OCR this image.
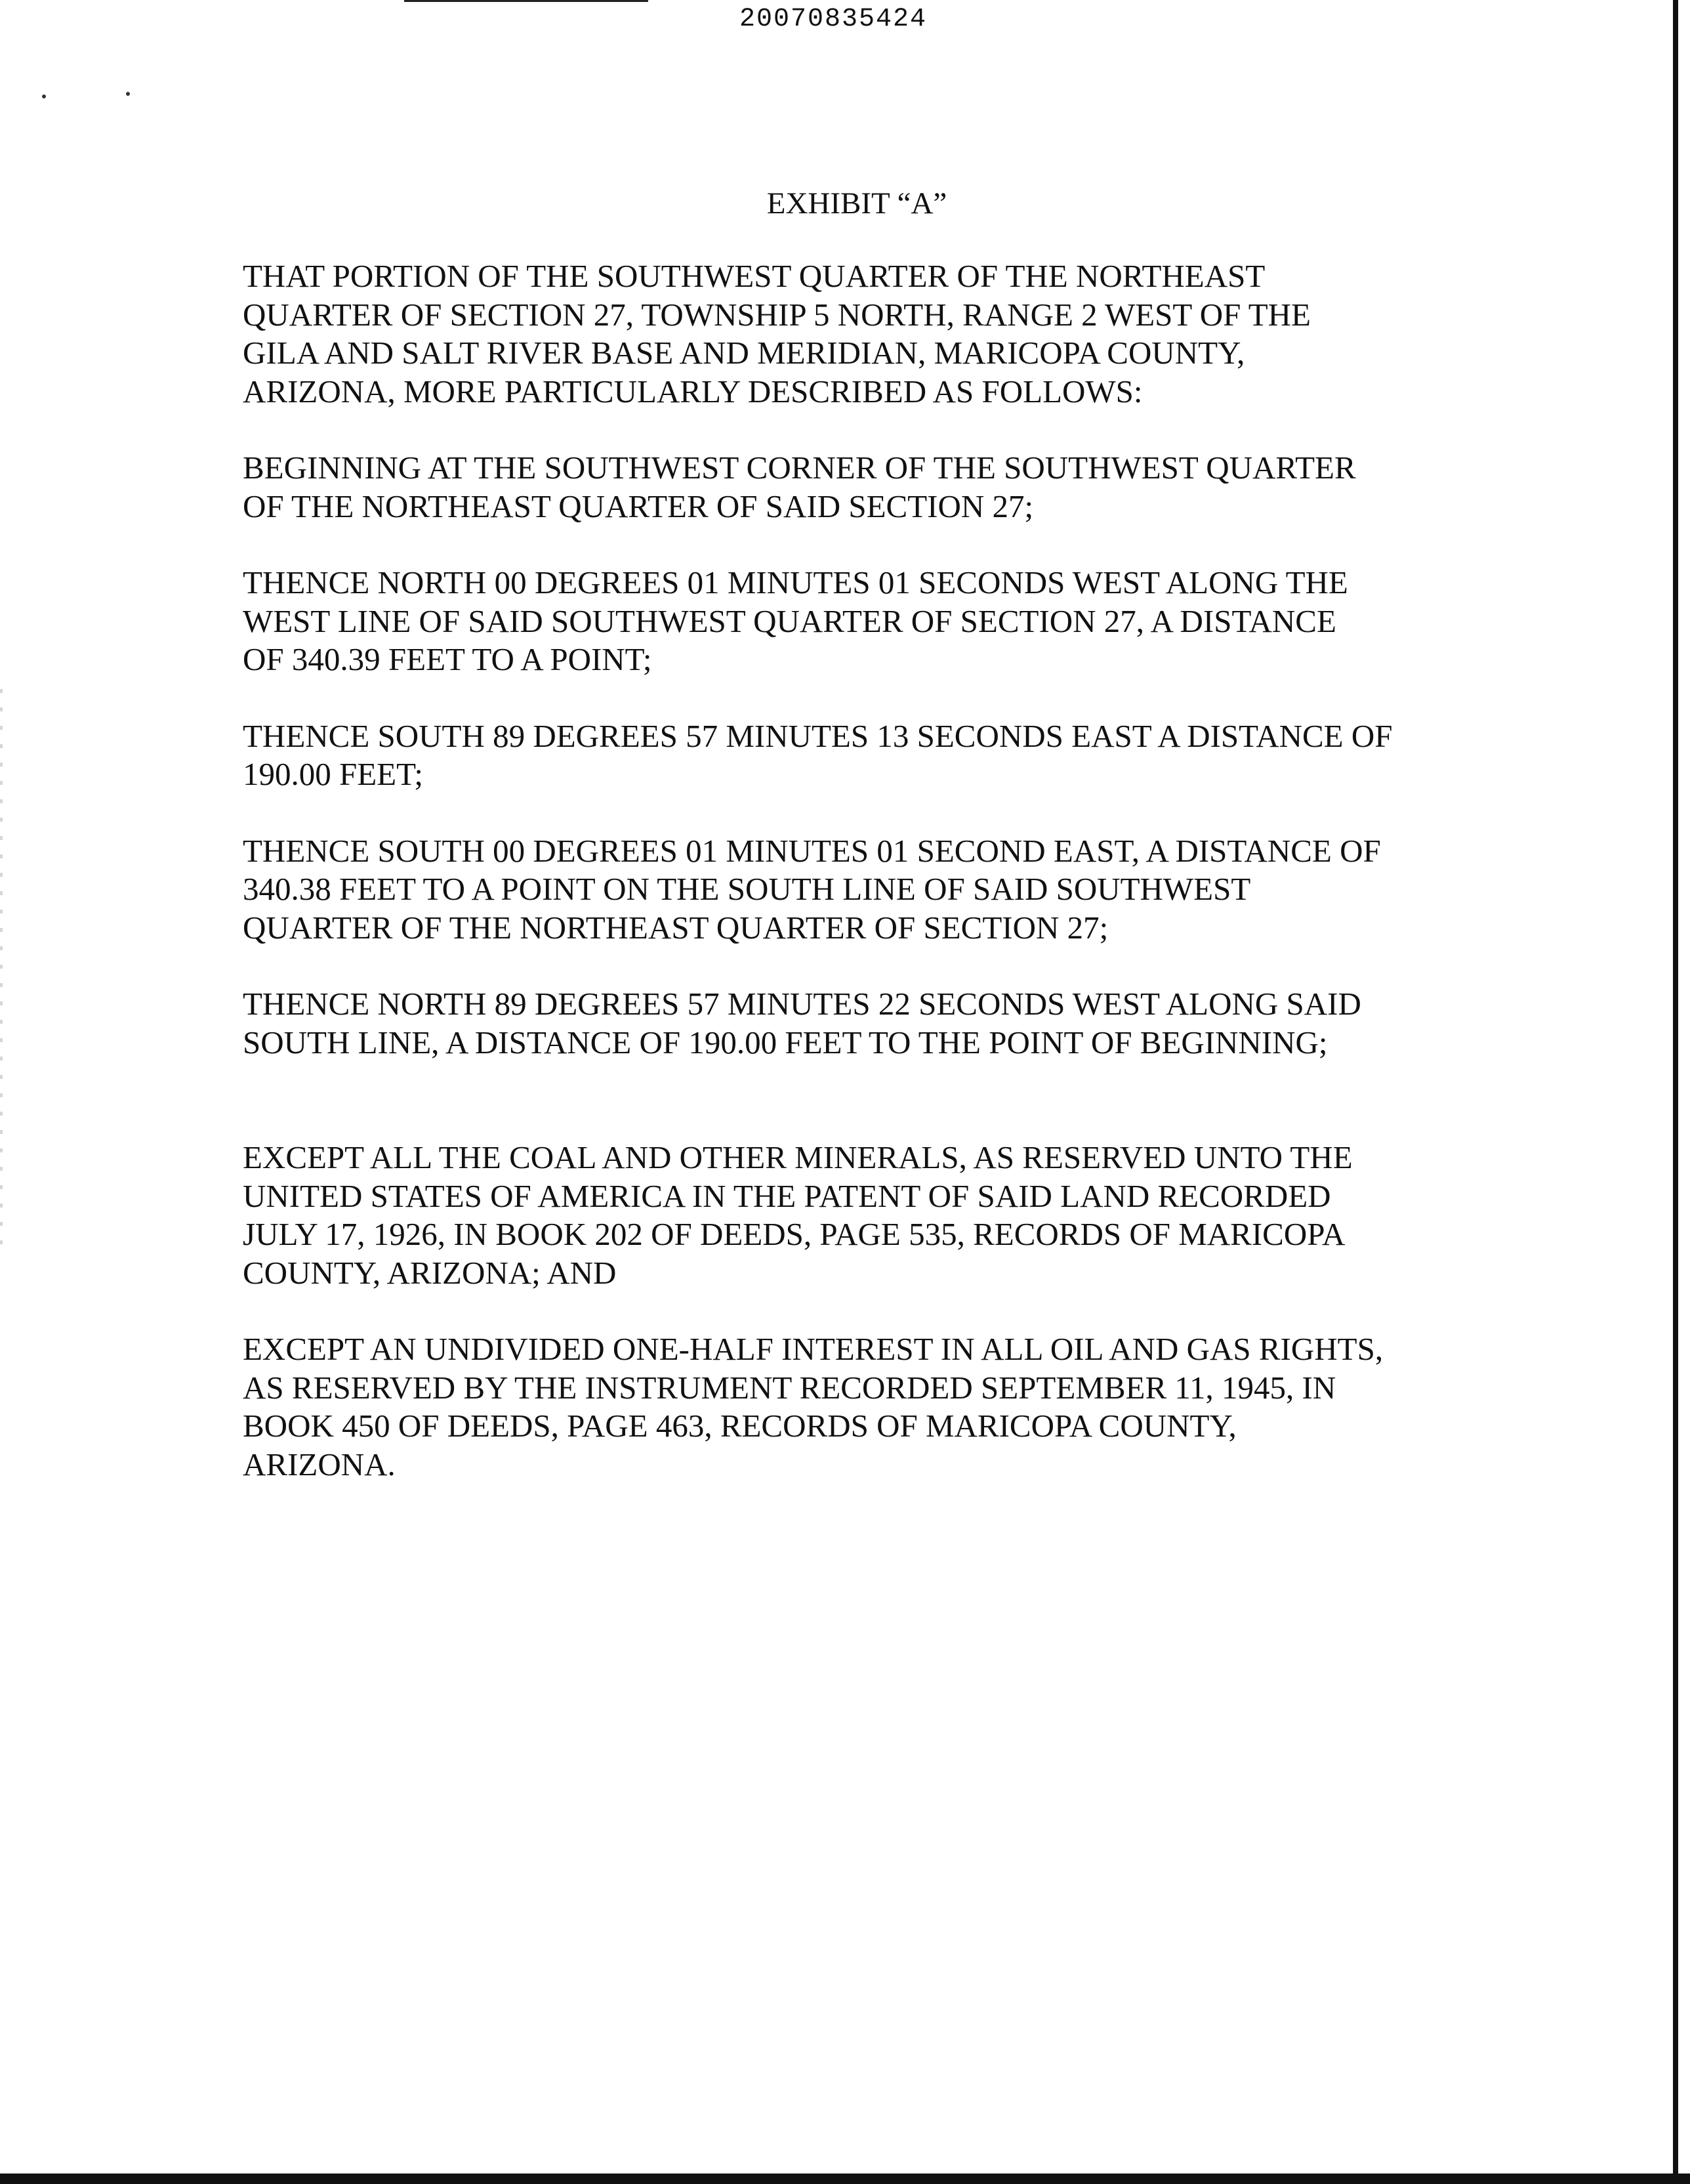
20070835424
EXHIBIT “A”

THAT PORTION OF THE SOUTHWEST QUARTER OF THE NORTHEAST
QUARTER OF SECTION 27, TOWNSHIP 5 NORTH, RANGE 2 WEST OF THE
GILA AND SALT RIVER BASE AND MERIDIAN, MARICOPA COUNTY,
ARIZONA, MORE PARTICULARLY DESCRIBED AS FOLLOWS:

BEGINNING AT THE SOUTHWEST CORNER OF THE SOUTHWEST QUARTER
OF THE NORTHEAST QUARTER OF SAID SECTION 27;

THENCE NORTH 00 DEGREES 01 MINUTES 01 SECONDS WEST ALONG THE
WEST LINE OF SAID SOUTHWEST QUARTER OF SECTION 27, A DISTANCE
OF 340.39 FEET TO A POINT;

THENCE SOUTH 89 DEGREES 57 MINUTES 13 SECONDS EAST A DISTANCE OF
190.00 FEET;

THENCE SOUTH 00 DEGREES 01 MINUTES 01 SECOND EAST, A DISTANCE OF
340.38 FEET TO A POINT ON THE SOUTH LINE OF SAID SOUTHWEST
QUARTER OF THE NORTHEAST QUARTER OF SECTION 27;

THENCE NORTH 89 DEGREES 57 MINUTES 22 SECONDS WEST ALONG SAID
SOUTH LINE, A DISTANCE OF 190.00 FEET TO THE POINT OF BEGINNING;

EXCEPT ALL THE COAL AND OTHER MINERALS, AS RESERVED UNTO THE
UNITED STATES OF AMERICA IN THE PATENT OF SAID LAND RECORDED
JULY 17, 1926, IN BOOK 202 OF DEEDS, PAGE 535, RECORDS OF MARICOPA
COUNTY, ARIZONA; AND

EXCEPT AN UNDIVIDED ONE-HALF INTEREST IN ALL OIL AND GAS RIGHTS,
AS RESERVED BY THE INSTRUMENT RECORDED SEPTEMBER 11, 1945, IN
BOOK 450 OF DEEDS, PAGE 463, RECORDS OF MARICOPA COUNTY,
ARIZONA.
